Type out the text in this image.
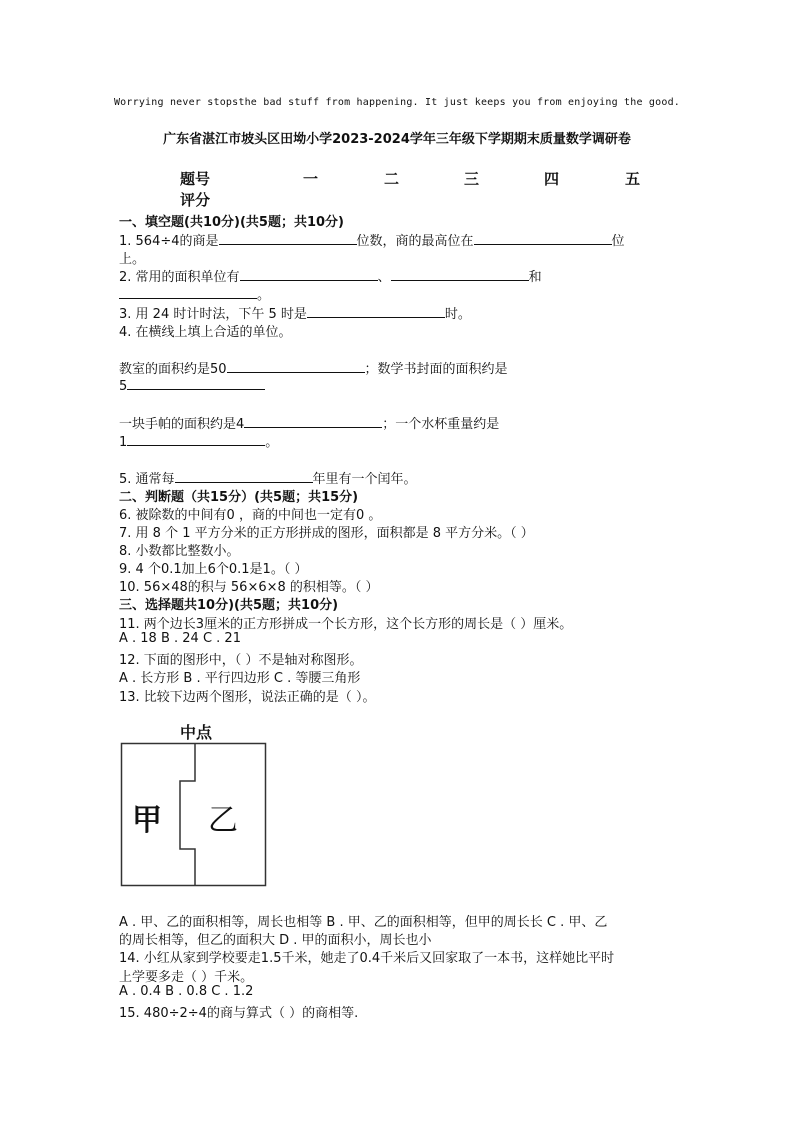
Worrying never stopsthe bad stuff from happening. It just keeps you from enjoying the good.
广东省湛江市坡头区田坳小学2023-2024学年三年级下学期期末质量数学调研卷
题号	一	二	三	四	五
评分
一、填空题(共10分)(共5题；共10分)
1. 564÷4的商是	位数，商的最高位在	位
上。
2. 常用的面积单位有	、	和
。
3. 用 24 时计时法，下午 5 时是	时。
4. 在横线上填上合适的单位。
教室的面积约是50	；数学书封面的面积约是
5
一块手帕的面积约是4	；一个水杯重量约是
1	。
5. 通常每	年里有一个闰年。
二、判断题（共15分）(共5题；共15分)
6. 被除数的中间有0 ，商的中间也一定有0 。
7. 用 8 个 1 平方分米的正方形拼成的图形，面积都是 8 平方分米。（ ）
8. 小数都比整数小。
9. 4 个0.1加上6个0.1是1。（ ）
10. 56×48的积与 56×6×8 的积相等。（ ）
三、选择题共10分)(共5题；共10分)
11. 两个边长3厘米的正方形拼成一个长方形，这个长方形的周长是（ ）厘米。
A . 18 B . 24 C . 21
12. 下面的图形中，（ ）不是轴对称图形。
A . 长方形 B . 平行四边形 C . 等腰三角形
13. 比较下边两个图形，说法正确的是（ ）。
中点
甲 乙
A . 甲、乙的面积相等，周长也相等 B . 甲、乙的面积相等，但甲的周长长 C . 甲、乙
的周长相等，但乙的面积大 D . 甲的面积小，周长也小
14. 小红从家到学校要走1.5千米，她走了0.4千米后又回家取了一本书，这样她比平时
上学要多走（ ）千米。
A . 0.4 B . 0.8 C . 1.2
15. 480÷2÷4的商与算式（ ）的商相等.
